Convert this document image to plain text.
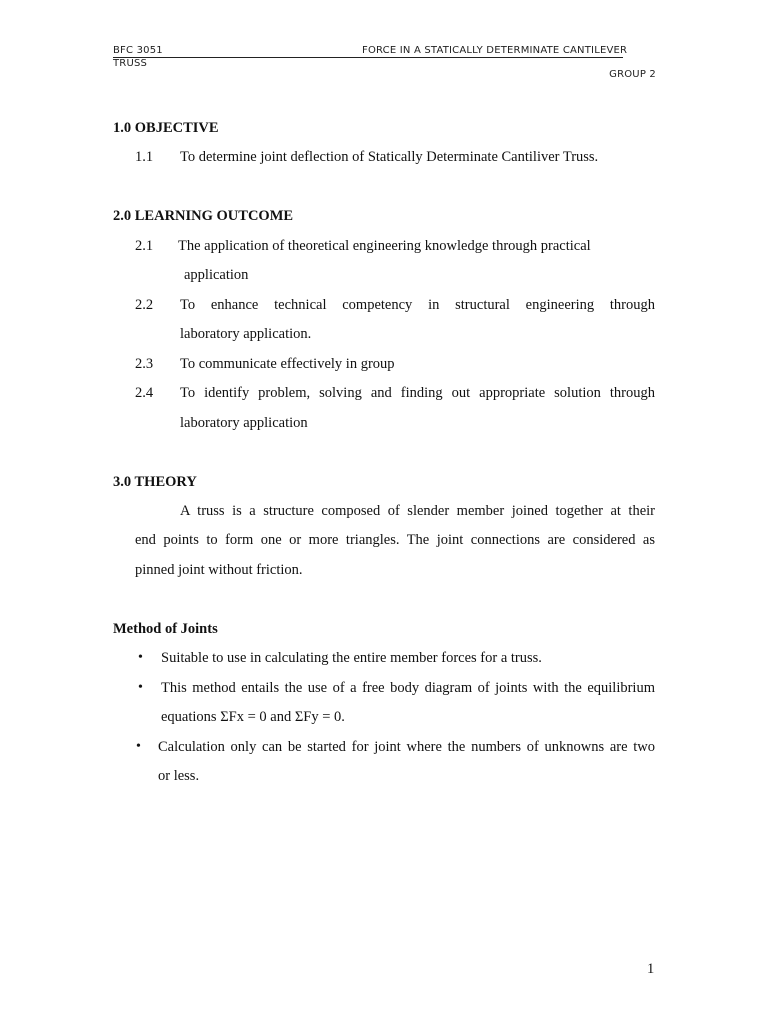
BFC 3051	FORCE IN A STATICALLY DETERMINATE CANTILEVER
TRUSS
GROUP 2
1.0 OBJECTIVE
1.1 To determine joint deflection of Statically Determinate Cantiliver Truss.
2.0 LEARNING OUTCOME
2.1 The application of theoretical engineering knowledge through practical
application
2.2 To enhance technical competency in structural engineering through
laboratory application.
2.3 To communicate effectively in group
2.4 To identify problem, solving and finding out appropriate solution through
laboratory application
3.0 THEORY
A truss is a structure composed of slender member joined together at their
end points to form one or more triangles. The joint connections are considered as
pinned joint without friction.
Method of Joints
• Suitable to use in calculating the entire member forces for a truss.
• This method entails the use of a free body diagram of joints with the equilibrium
equations ΣFx = 0 and ΣFy = 0.
• Calculation only can be started for joint where the numbers of unknowns are two
or less.
1
